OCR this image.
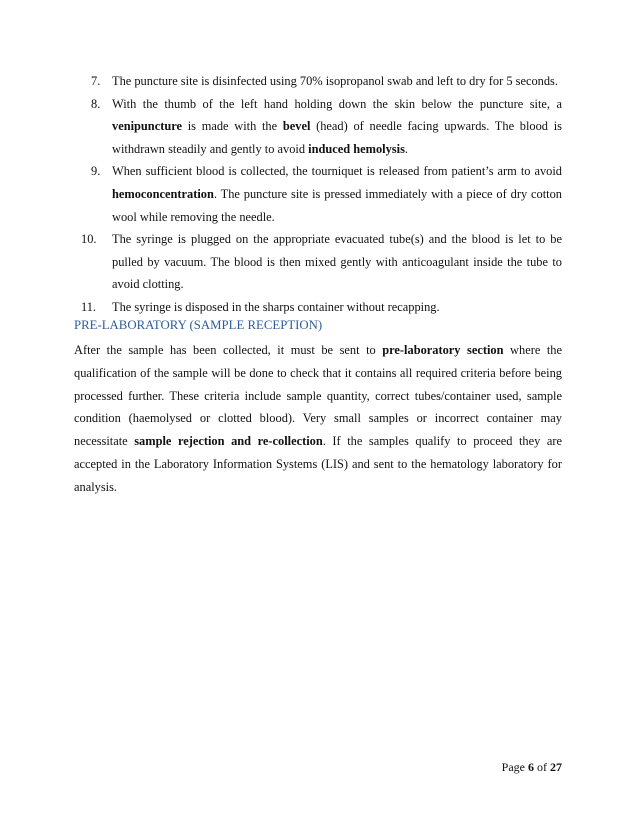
7. The puncture site is disinfected using 70% isopropanol swab and left to dry for 5 seconds.

8. With the thumb of the left hand holding down the skin below the puncture site, a venipuncture is made with the bevel (head) of needle facing upwards. The blood is withdrawn steadily and gently to avoid induced hemolysis.

9. When sufficient blood is collected, the tourniquet is released from patient’s arm to avoid hemoconcentration. The puncture site is pressed immediately with a piece of dry cotton wool while removing the needle.

10. The syringe is plugged on the appropriate evacuated tube(s) and the blood is let to be pulled by vacuum. The blood is then mixed gently with anticoagulant inside the tube to avoid clotting.

11. The syringe is disposed in the sharps container without recapping.

PRE-LABORATORY (SAMPLE RECEPTION)

After the sample has been collected, it must be sent to pre-laboratory section where the qualification of the sample will be done to check that it contains all required criteria before being processed further. These criteria include sample quantity, correct tubes/container used, sample condition (haemolysed or clotted blood). Very small samples or incorrect container may necessitate sample rejection and re-collection. If the samples qualify to proceed they are accepted in the Laboratory Information Systems (LIS) and sent to the hematology laboratory for analysis.

Page 6 of 27
